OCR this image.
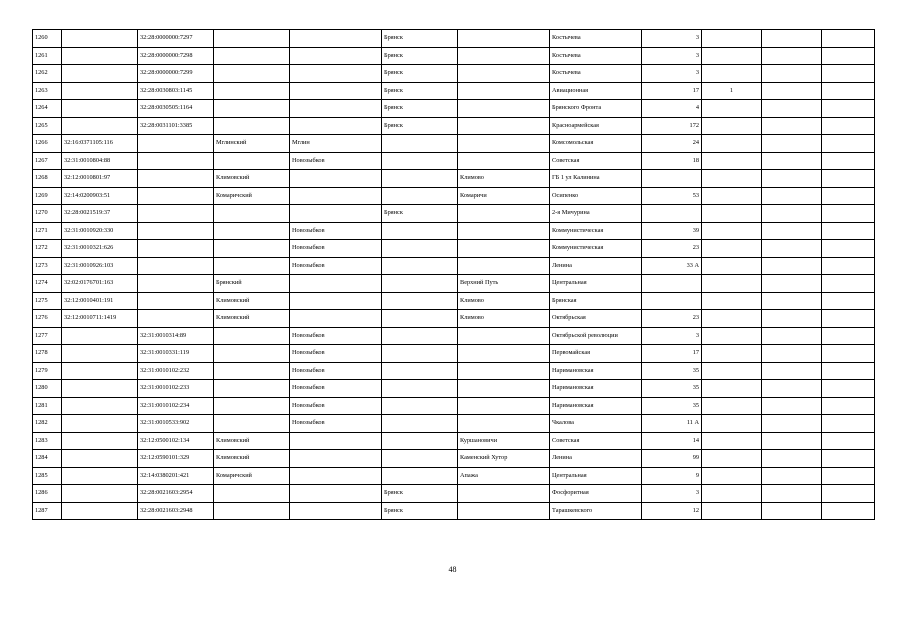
1260		32:28:0000000:7297			Брянск		Костычева	3			
1261		32:28:0000000:7298			Брянск		Костычева	3			
1262		32:28:0000000:7299			Брянск		Костычева	3			
1263		32:28:0030803:1145			Брянск		Авиационная	17	1		
1264		32:28:0030505:1164			Брянск		Брянского Фронта	4			
1265		32:28:0031101:3385			Брянск		Красноармейская	172			
1266	32:16:0371105:116		Мглинский	Мглин			Комсомольская	24			
1267	32:31:0010804:88			Новозыбков			Советская	18			
1268	32:12:0010801:97		Климовский			Климово	ГБ 1 ул Калинина				
1269	32:14:0200903:51		Комаричский			Комаричи	Осипенко	53			
1270	32:28:0021519:37				Брянск		2-я Мичурина				
1271	32:31:0010920:330			Новозыбков			Коммунистическая	39			
1272	32:31:0010321:626			Новозыбков			Коммунистическая	23			
1273	32:31:0010926:103			Новозыбков			Ленина	33 А			
1274	32:02:0176701:163		Брянский			Верхний Путь	Центральная				
1275	32:12:0010401:191		Климовский			Климово	Брянская				
1276	32:12:0010711:1419		Климовский			Климово	Октябрьская	23			
1277		32:31:0010314:89		Новозыбков			Октябрьской революции	3			
1278		32:31:0010331:119		Новозыбков			Первомайская	17			
1279		32:31:0010102:232		Новозыбков			Наримановская	35			
1280		32:31:0010102:233		Новозыбков			Наримановская	35			
1281		32:31:0010102:234		Новозыбков			Наримановская	35			
1282		32:31:0010533:902		Новозыбков			Чкалова	11 А			
1283		32:12:0500102:134	Климовский			Куршановичи	Советская	14			
1284		32:12:0590101:329	Климовский			Каменский Хутор	Ленина	99			
1285		32:14:0380201:421	Комаричский			Апажа	Центральная	9			
1286		32:28:0021603:2954			Брянск		Фосфоритная	3			
1287		32:28:0021603:2948			Брянск		Тарашкевского	12			
48
